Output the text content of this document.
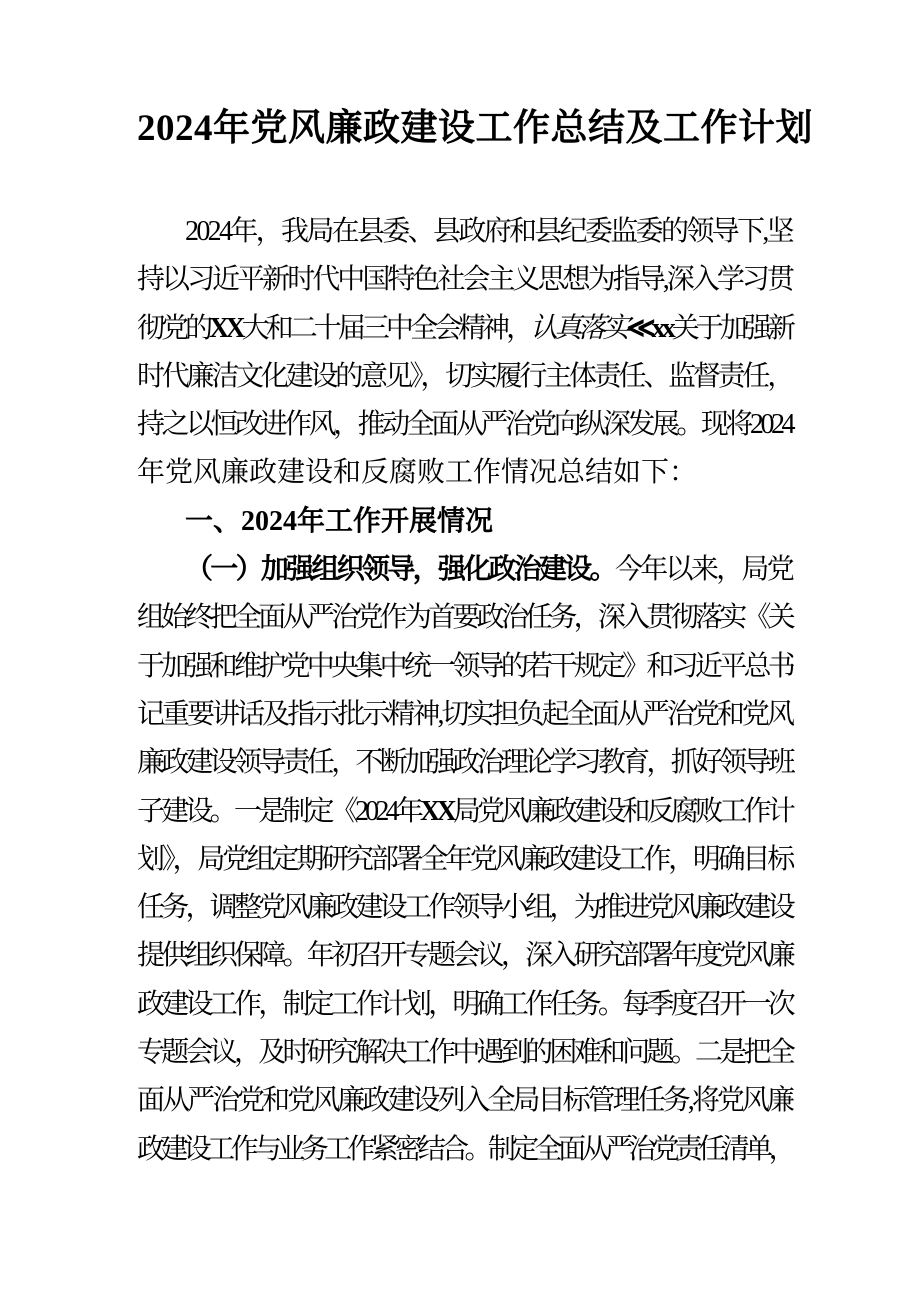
2024年党风廉政建设工作总结及工作计划

2024年，我局在县委、县政府和县纪委监委的领导下,坚

持以习近平新时代中国特色社会主义思想为指导,深入学习贯

彻党的XX大和二十届三中全会精神，认真落实≪xx关于加强新

时代廉洁文化建设的意见》，切实履行主体责任、监督责任，

持之以恒改进作风，推动全面从严治党向纵深发展。现将2024

年党风廉政建设和反腐败工作情况总结如下：

一、2024年工作开展情况

（一）加强组织领导，强化政治建设。今年以来，局党

组始终把全面从严治党作为首要政治任务，深入贯彻落实《关

于加强和维护党中央集中统一领导的若干规定》和习近平总书

记重要讲话及指示批示精神,切实担负起全面从严治党和党风

廉政建设领导责任，不断加强政治理论学习教育，抓好领导班

子建设。一是制定《2024年XX局党风廉政建设和反腐败工作计

划》，局党组定期研究部署全年党风廉政建设工作，明确目标

任务，调整党风廉政建设工作领导小组，为推进党风廉政建设

提供组织保障。年初召开专题会议，深入研究部署年度党风廉

政建设工作，制定工作计划，明确工作任务。每季度召开一次

专题会议，及时研究解决工作中遇到的困难和问题。二是把全

面从严治党和党风廉政建设列入全局目标管理任务,将党风廉

政建设工作与业务工作紧密结合。制定全面从严治党责任清单，
